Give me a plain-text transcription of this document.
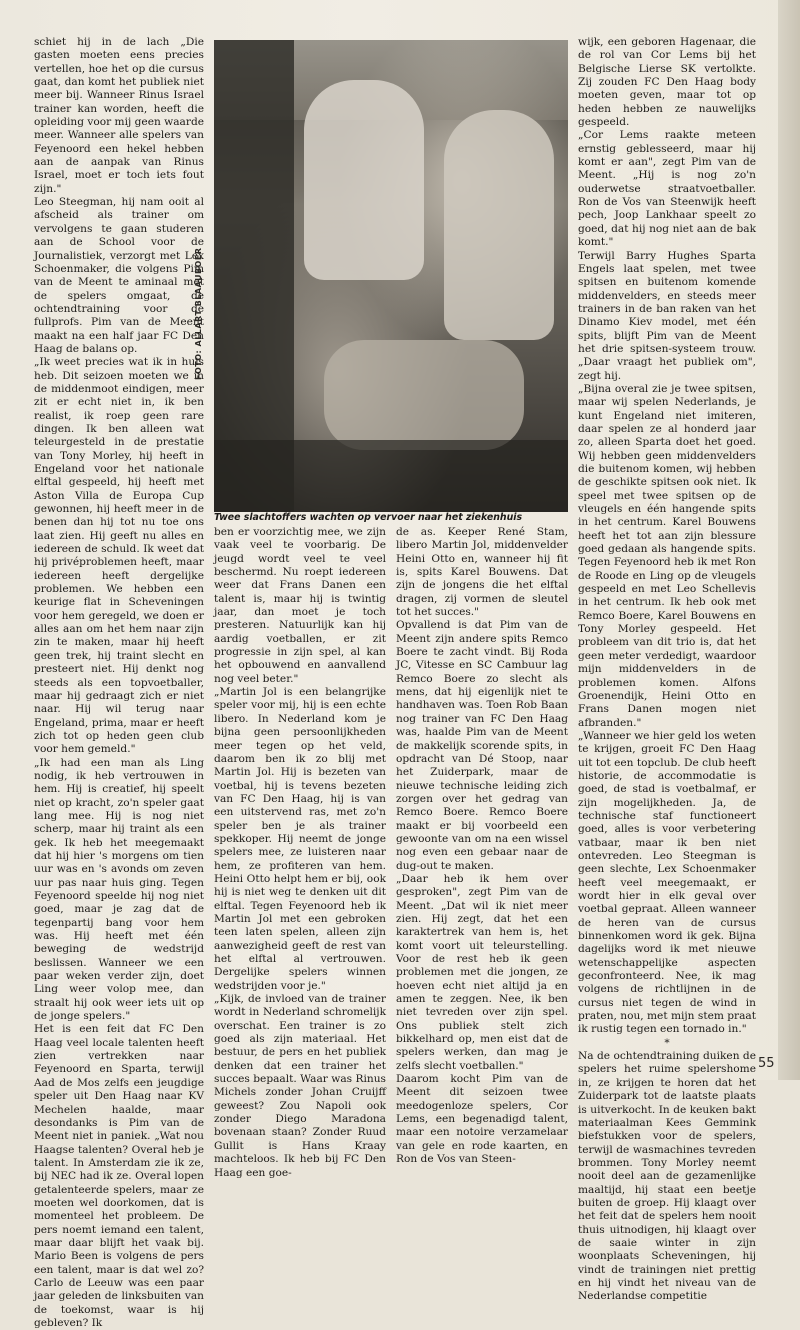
schiet hij in de lach „Die gasten moeten eens precies vertellen, hoe het op die cursus gaat, dan komt het publiek niet meer bij. Wanneer Rinus Israel trainer kan worden, heeft die opleiding voor mij geen waarde meer. Wanneer alle spelers van Feyenoord een hekel hebben aan de aanpak van Rinus Israel, moet er toch iets fout zijn."

Leo Steegman, hij nam ooit al afscheid als trainer om vervolgens te gaan studeren aan de School voor de Journalistiek, verzorgt met Lex Schoenmaker, die volgens Pim van de Meent te aminaal met de spelers omgaat, de ochtendtraining voor de fullprofs. Pim van de Meent maakt na een half jaar FC Den Haag de balans op.

„Ik weet precies wat ik in huis heb. Dit seizoen moeten we in de middenmoot eindigen, meer zit er echt niet in, ik ben realist, ik roep geen rare dingen. Ik ben alleen wat teleurgesteld in de prestatie van Tony Morley, hij heeft in Engeland voor het nationale elftal gespeeld, hij heeft met Aston Villa de Europa Cup gewonnen, hij heeft meer in de benen dan hij tot nu toe ons laat zien. Hij geeft nu alles en iedereen de schuld. Ik weet dat hij privéproblemen heeft, maar iedereen heeft dergelijke problemen. We hebben een keurige flat in Scheveningen voor hem geregeld, we doen er alles aan om het hem naar zijn zin te maken, maar hij heeft geen trek, hij traint slecht en presteert niet. Hij denkt nog steeds als een topvoetballer, maar hij gedraagt zich er niet naar. Hij wil terug naar Engeland, prima, maar er heeft zich tot op heden geen club voor hem gemeld."

„Ik had een man als Ling nodig, ik heb vertrouwen in hem. Hij is creatief, hij speelt niet op kracht, zo'n speler gaat lang mee. Hij is nog niet scherp, maar hij traint als een gek. Ik heb het meegemaakt dat hij hier 's morgens om tien uur was en 's avonds om zeven uur pas naar huis ging. Tegen Feyenoord speelde hij nog niet goed, maar je zag dat de tegenpartij bang voor hem was. Hij heeft met één beweging de wedstrijd beslissen. Wanneer we een paar weken verder zijn, doet Ling weer volop mee, dan straalt hij ook weer iets uit op de jonge spelers."

Het is een feit dat FC Den Haag veel locale talenten heeft zien vertrekken naar Feyenoord en Sparta, terwijl Aad de Mos zelfs een jeugdige speler uit Den Haag naar KV Mechelen haalde, maar desondanks is Pim van de Meent niet in paniek. „Wat nou Haagse talenten? Overal heb je talent. In Amsterdam zie ik ze, bij NEC had ik ze. Overal lopen getalenteerde spelers, maar ze moeten wel doorkomen, dat is momenteel het probleem. De pers noemt iemand een talent, maar daar blijft het vaak bij. Mario Been is volgens de pers een talent, maar is dat wel zo? Carlo de Leeuw was een paar jaar geleden de linksbuiten van de toekomst, waar is hij gebleven? Ik

FOTO: ALLART BLAAUBOER
Twee slachtoffers wachten op vervoer naar het ziekenhuis

ben er voorzichtig mee, we zijn vaak veel te voorbarig. De jeugd wordt veel te veel beschermd. Nu roept iedereen weer dat Frans Danen een talent is, maar hij is twintig jaar, dan moet je toch presteren. Natuurlijk kan hij aardig voetballen, er zit progressie in zijn spel, al kan het opbouwend en aanvallend nog veel beter."

„Martin Jol is een belangrijke speler voor mij, hij is een echte libero. In Nederland kom je bijna geen persoonlijkheden meer tegen op het veld, daarom ben ik zo blij met Martin Jol. Hij is bezeten van voetbal, hij is tevens bezeten van FC Den Haag, hij is van een uitstervend ras, met zo'n speler ben je als trainer spekkoper. Hij neemt de jonge spelers mee, ze luisteren naar hem, ze profiteren van hem. Heini Otto helpt hem er bij, ook hij is niet weg te denken uit dit elftal. Tegen Feyenoord heb ik Martin Jol met een gebroken teen laten spelen, alleen zijn aanwezigheid geeft de rest van het elftal al vertrouwen. Dergelijke spelers winnen wedstrijden voor je."

„Kijk, de invloed van de trainer wordt in Nederland schromelijk overschat. Een trainer is zo goed als zijn materiaal. Het bestuur, de pers en het publiek denken dat een trainer het succes bepaalt. Waar was Rinus Michels zonder Johan Cruijff geweest? Zou Napoli ook zonder Diego Maradona bovenaan staan? Zonder Ruud Gullit is Hans Kraay machteloos. Ik heb bij FC Den Haag een goe-

de as. Keeper René Stam, libero Martin Jol, middenvelder Heini Otto en, wanneer hij fit is, spits Karel Bouwens. Dat zijn de jongens die het elftal dragen, zij vormen de sleutel tot het succes."

Opvallend is dat Pim van de Meent zijn andere spits Remco Boere te zacht vindt. Bij Roda JC, Vitesse en SC Cambuur lag Remco Boere zo slecht als mens, dat hij eigenlijk niet te handhaven was. Toen Rob Baan nog trainer van FC Den Haag was, haalde Pim van de Meent de makkelijk scorende spits, in opdracht van Dé Stoop, naar het Zuiderpark, maar de nieuwe technische leiding zich zorgen over het gedrag van Remco Boere. Remco Boere maakt er bij voorbeeld een gewoonte van om na een wissel nog even een gebaar naar de dug-out te maken.

„Daar heb ik hem over gesproken", zegt Pim van de Meent. „Dat wil ik niet meer zien. Hij zegt, dat het een karaktertrek van hem is, het komt voort uit teleurstelling. Voor de rest heb ik geen problemen met die jongen, ze hoeven echt niet altijd ja en amen te zeggen. Nee, ik ben niet tevreden over zijn spel. Ons publiek stelt zich bikkelhard op, men eist dat de spelers werken, dan mag je zelfs slecht voetballen."

Daarom kocht Pim van de Meent dit seizoen twee meedogenloze spelers, Cor Lems, een begenadigd talent, maar een notoire verzamelaar van gele en rode kaarten, en Ron de Vos van Steen-

wijk, een geboren Hagenaar, die de rol van Cor Lems bij het Belgische Lierse SK vertolkte. Zij zouden FC Den Haag body moeten geven, maar tot op heden hebben ze nauwelijks gespeeld.

„Cor Lems raakte meteen ernstig geblesseerd, maar hij komt er aan", zegt Pim van de Meent. „Hij is nog zo'n ouderwetse straatvoetballer. Ron de Vos van Steenwijk heeft pech, Joop Lankhaar speelt zo goed, dat hij nog niet aan de bak komt."

Terwijl Barry Hughes Sparta Engels laat spelen, met twee spitsen en buitenom komende middenvelders, en steeds meer trainers in de ban raken van het Dinamo Kiev model, met één spits, blijft Pim van de Meent het drie spitsen-systeem trouw. „Daar vraagt het publiek om", zegt hij.

„Bijna overal zie je twee spitsen, maar wij spelen Nederlands, je kunt Engeland niet imiteren, daar spelen ze al honderd jaar zo, alleen Sparta doet het goed. Wij hebben geen middenvelders die buitenom komen, wij hebben de geschikte spitsen ook niet. Ik speel met twee spitsen op de vleugels en één hangende spits in het centrum. Karel Bouwens heeft het tot aan zijn blessure goed gedaan als hangende spits. Tegen Feyenoord heb ik met Ron de Roode en Ling op de vleugels gespeeld en met Leo Schellevis in het centrum. Ik heb ook met Remco Boere, Karel Bouwens en Tony Morley gespeeld. Het probleem van dit trio is, dat het geen meter verdedigt, waardoor mijn middenvelders in de problemen komen. Alfons Groenendijk, Heini Otto en Frans Danen mogen niet afbranden."

„Wanneer we hier geld los weten te krijgen, groeit FC Den Haag uit tot een topclub. De club heeft historie, de accommodatie is goed, de stad is voetbalmaf, er zijn mogelijkheden. Ja, de technische staf functioneert goed, alles is voor verbetering vatbaar, maar ik ben niet ontevreden. Leo Steegman is geen slechte, Lex Schoenmaker heeft veel meegemaakt, er wordt hier in elk geval over voetbal gepraat. Alleen wanneer de heren van de cursus binnenkomen word ik gek. Bijna dagelijks word ik met nieuwe wetenschappelijke aspecten geconfronteerd. Nee, ik mag volgens de richtlijnen in de cursus niet tegen de wind in praten, nou, met mijn stem praat ik rustig tegen een tornado in."

*

Na de ochtendtraining duiken de spelers het ruime spelershome in, ze krijgen te horen dat het Zuiderpark tot de laatste plaats is uitverkocht. In de keuken bakt materiaalman Kees Gemmink biefstukken voor de spelers, terwijl de wasmachines tevreden brommen. Tony Morley neemt nooit deel aan de gezamenlijke maaltijd, hij staat een beetje buiten de groep. Hij klaagt over het feit dat de spelers hem nooit thuis uitnodigen, hij klaagt over de saaie winter in zijn woonplaats Scheveningen, hij vindt de trainingen niet prettig en hij vindt het niveau van de Nederlandse competitie

55
